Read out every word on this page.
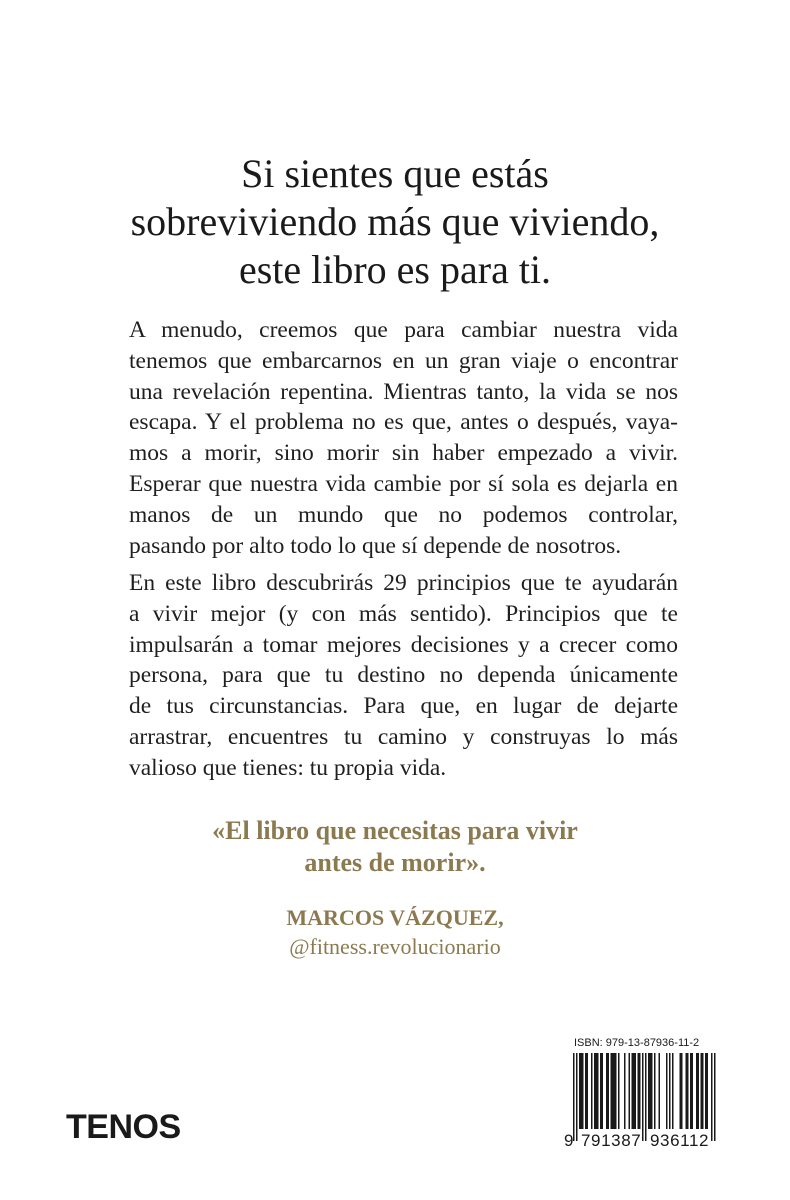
Si sientes que estás
sobreviviendo más que viviendo,
este libro es para ti.
A menudo, creemos que para cambiar nuestra vida
tenemos que embarcarnos en un gran viaje o encontrar
una revelación repentina. Mientras tanto, la vida se nos
escapa. Y el problema no es que, antes o después, vaya-
mos a morir, sino morir sin haber empezado a vivir.
Esperar que nuestra vida cambie por sí sola es dejarla en
manos de un mundo que no podemos controlar,
pasando por alto todo lo que sí depende de nosotros.
En este libro descubrirás 29 principios que te ayudarán
a vivir mejor (y con más sentido). Principios que te
impulsarán a tomar mejores decisiones y a crecer como
persona, para que tu destino no dependa únicamente
de tus circunstancias. Para que, en lugar de dejarte
arrastrar, encuentres tu camino y construyas lo más
valioso que tienes: tu propia vida.
«El libro que necesitas para vivir
antes de morir».
MARCOS VÁZQUEZ,
@fitness.revolucionario
TENOS
ISBN: 979-13-87936-11-2
9 791387 936112
